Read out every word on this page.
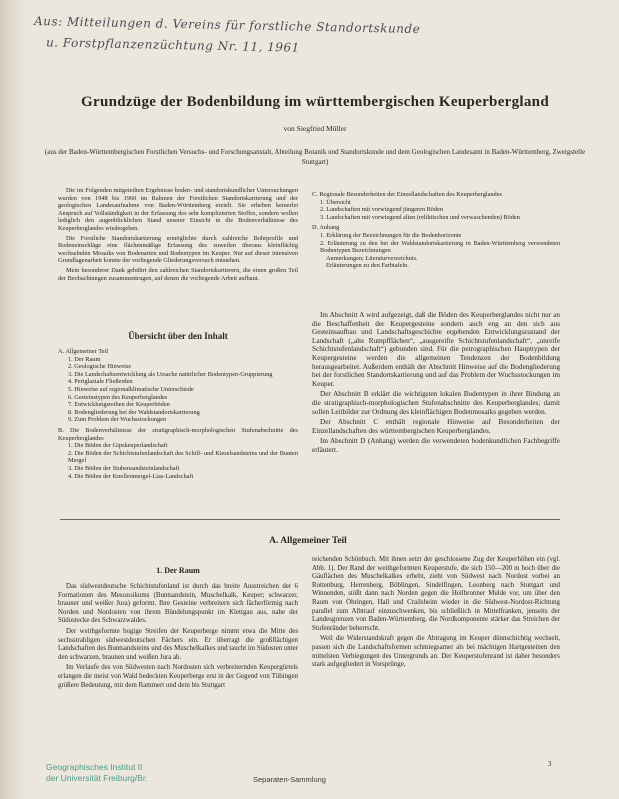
Aus: Mitteilungen d. Vereins für forstliche Standortskunde
u. Forstpflanzenzüchtung Nr. 11, 1961
Grundzüge der Bodenbildung im württembergischen Keuperbergland
von Siegfried Müller
(aus der Baden-Württembergischen Forstlichen Versuchs- und Forschungsanstalt, Abteilung Botanik und Standortskunde und dem Geologischen Landesamt in Baden-Württemberg, Zweigstelle Stuttgart)

Die im Folgenden mitgeteilten Ergebnisse boden- und standortskundlicher Untersuchungen wurden von 1948 bis 1960 im Rahmen der Forstlichen Standortskartierung und der geologischen Landesaufnahme von Baden-Württemberg erzielt. Sie erheben keinerlei Anspruch auf Vollständigkeit in der Erfassung des sehr komplizierten Stoffes, sondern wollen lediglich den augenblicklichen Stand unserer Einsicht in die Bodenverhältnisse des Keuperberglandes wiedergeben.

Die Forstliche Standortskartierung ermöglichte durch zahlreiche Bohrprofile und Bodeneinschläge eine flächenmäßige Erfassung des zuweilen überaus kleinflächig wechselnden Mosaiks von Bodenarten und Bodentypen im Keuper. Nur auf dieser intensiven Grundlagenarbeit konnte der vorliegende Gliederungsversuch entstehen.

Mein besonderer Dank gebührt den zahlreichen Standortskartierern, die einen großen Teil der Beobachtungen zusammentrugen, auf denen die vorliegende Arbeit aufbaut.

Übersicht über den Inhalt
A. Allgemeiner Teil
1. Der Raum
2. Geologische Hinweise
3. Die Landschaftsentwicklung als Ursache natürlicher Bodentypen-Gruppierung
4. Periglaziale Fließerden
5. Hinweise auf regionalklimatische Unterschiede
6. Gesteinstypen des Keuperberglandes
7. Entwicklungsreihen der Keuperböden
8. Bodengliederung bei der Waldstandortskartierung
9. Zum Problem der Wuchsstockungen
B. Die Bodenverhältnisse der stratigraphisch-morphologischen Stufenabschnitte des Keuperberglandes
1. Die Böden der Gipskeuperlandschaft
2. Die Böden der Schichtstufenlandschaft des Schilf- und Kieselsandsteins und der Bunten Mergel
3. Die Böden der Stubensandsteinlandschaft
4. Die Böden der Knollenmergel-Lias-Landschaft
C. Regionale Besonderheiten der Einzellandschaften des Keuperberglandes
1. Übersicht
2. Landschaften mit vorwiegend jüngeren Böden
3. Landschaften mit vorwiegend alten (reliktischen und verwaschenden) Böden
D. Anhang
1. Erklärung der Bezeichnungen für die Bodenhorizonte
2. Erläuterung zu den bei der Waldstandortskartierung in Baden-Württemberg verwendeten Bodentypen Bezeichnungen
Anmerkungen; Literaturverzeichnis.
Erläuterungen zu den Farbtafeln.

Im Abschnitt A wird aufgezeigt, daß die Böden des Keuperberglandes nicht nur an die Beschaffenheit der Keupergesteine sondern auch eng an den sich aus Gesteinsaufbau und Landschaftsgeschichte ergebenden Entwicklungszustand der Landschaft („alte Rumpfflächen“, „ausgereifte Schichtstufenlandschaft“, „unreife Schichtstufenlandschaft“) gebunden sind. Für die petrographischen Haupttypen der Keupergesteine werden die allgemeinen Tendenzen der Bodenbildung herausgearbeitet. Außerdem enthält der Abschnitt Hinweise auf die Bodengliederung bei der forstlichen Standortskartierung und auf das Problem der Wuchsstockungen im Keuper.

Der Abschnitt B erklärt die wichtigsten lokalen Bodentypen in ihrer Bindung an die stratigraphisch-morphologischen Stufenabschnitte des Keuperberglandes; damit sollen Leitbilder zur Ordnung des kleinflächigen Bodenmosaiks gegeben werden.

Der Abschnitt C enthält regionale Hinweise auf Besonderheiten der Einzellandschaften des württembergischen Keuperberglandes.

Im Abschnitt D (Anhang) werden die verwendeten bodenkundlichen Fachbegriffe erläutert.

A. Allgemeiner Teil
1. Der Raum

Das südwestdeutsche Schichtstufenland ist durch das breite Ausstreichen der 6 Formationen des Mesozoikums (Buntsandstein, Muschelkalk, Keuper; schwarzer, brauner und weißer Jura) geformt. Ihre Gesteine verbreitern sich fächerförmig nach Norden und Nordosten von ihrem Bündelungspunkt im Klettgau aus, nahe der Südostecke des Schwarzwaldes.

Der weithgeformte bogige Streifen der Keuperberge nimmt etwa die Mitte des sechsstrahligen südwestdeutschen Fächers ein. Er überragt die großflächigen Landschaften des Buntsandsteins und des Muschelkalkes und taucht im Südosten unter den schwarzen, braunen und weißen Jura ab.

Im Verlaufe des von Südwesten nach Nordosten sich verbreiternden Keupergürtels erlangen die meist von Wald bedeckten Keuperberge erst in der Gegend von Tübingen größere Bedeutung, mit dem Rammert und dem bis Stuttgart

reichenden Schönbuch. Mit ihnen setzt der geschlossene Zug der Keuperhöhen ein (vgl. Abb. 1). Der Rand der weithgeformten Keuperstufe, die sich 150—200 m hoch über die Gäuflächen des Muschelkalkes erhebt, zieht von Südwest nach Nordost vorbei an Rottenburg, Herrenberg, Böblingen, Sindelfingen, Leonberg nach Stuttgart und Winnenden, stößt dann nach Norden gegen die Heilbronner Mulde vor, um über den Raum von Öhringen, Hall und Crailsheim wieder in die Südwest-Nordost-Richtung parallel zum Albtrauf einzuschwenken, bis schließlich in Mittelfranken, jenseits der Landesgrenzen von Baden-Württemberg, die Nordkomponente stärker das Streichen der Stufenränder beherrscht.

Weil die Widerstandskraft gegen die Abtragung im Keuper dünnschichtig wechselt, passen sich die Landschaftsformen schmiegsamer als bei mächtigen Hartgesteinen den mittelsten Verbiegungen des Untergrunds an. Der Keuperstufenrand ist daher besonders stark aufgegliedert in Vorsprünge,

Geographisches Institut II
der Universität Freiburg/Br.	Separaten-Sammlung
3
